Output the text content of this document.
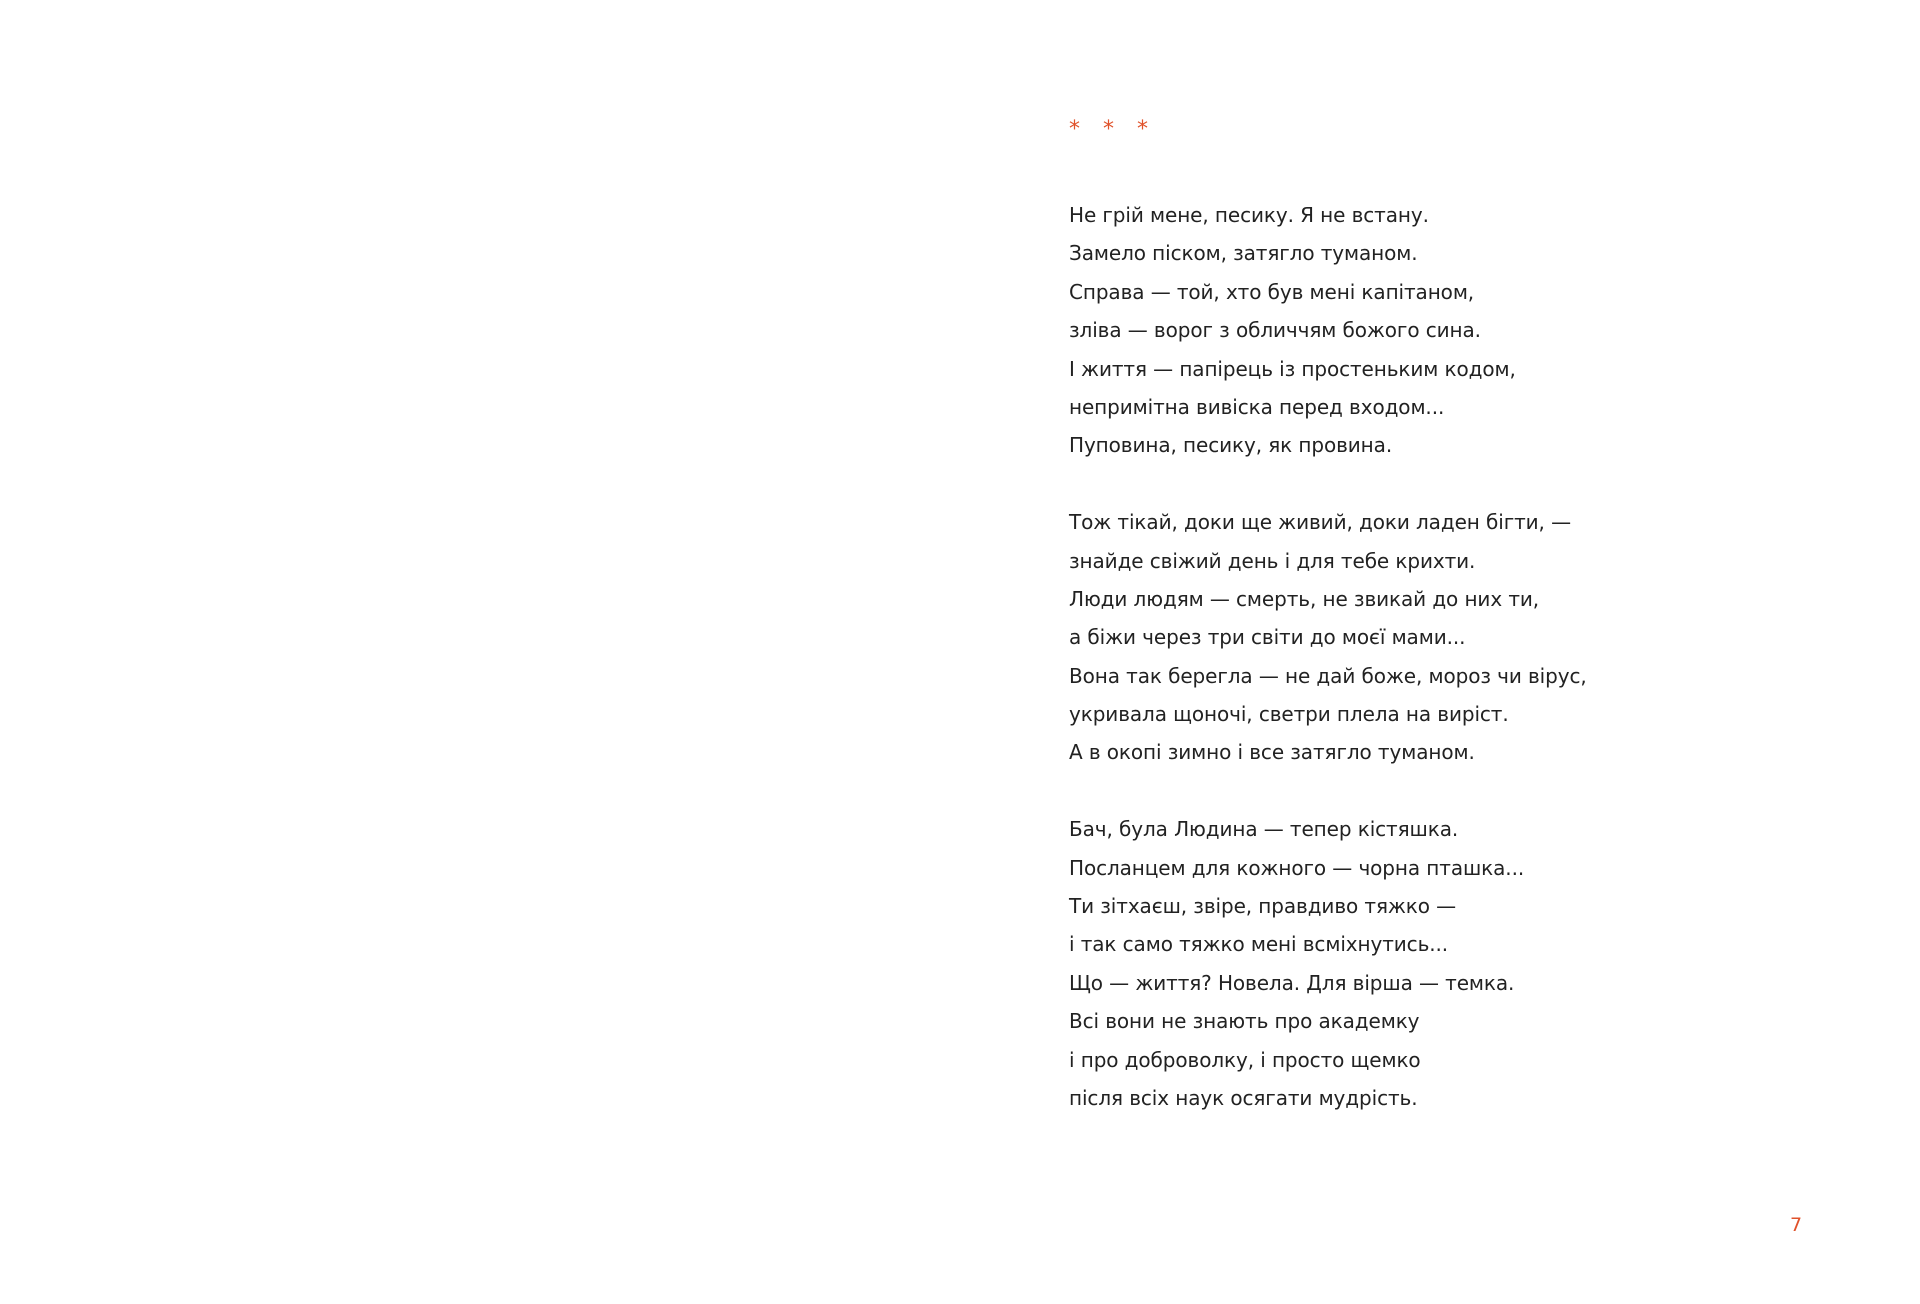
* * *
Не грій мене, песику. Я не встану.
Замело піском, затягло туманом.
Справа — той, хто був мені капітаном,
зліва — ворог з обличчям божого сина.
І життя — папірець із простеньким кодом,
непримітна вивіска перед входом...
Пуповина, песику, як провина.
Тож тікай, доки ще живий, доки ладен бігти, —
знайде свіжий день і для тебе крихти.
Люди людям — смерть, не звикай до них ти,
а біжи через три світи до моєї мами...
Вона так берегла — не дай боже, мороз чи вірус,
укривала щоночі, светри плела на виріст.
А в окопі зимно і все затягло туманом.
Бач, була Людина — тепер кістяшка.
Посланцем для кожного — чорна пташка...
Ти зітхаєш, звіре, правдиво тяжко —
і так само тяжко мені всміхнутись...
Що — життя? Новела. Для вірша — темка.
Всі вони не знають про академку
і про доброволку, і просто щемко
після всіх наук осягати мудрість.
7
